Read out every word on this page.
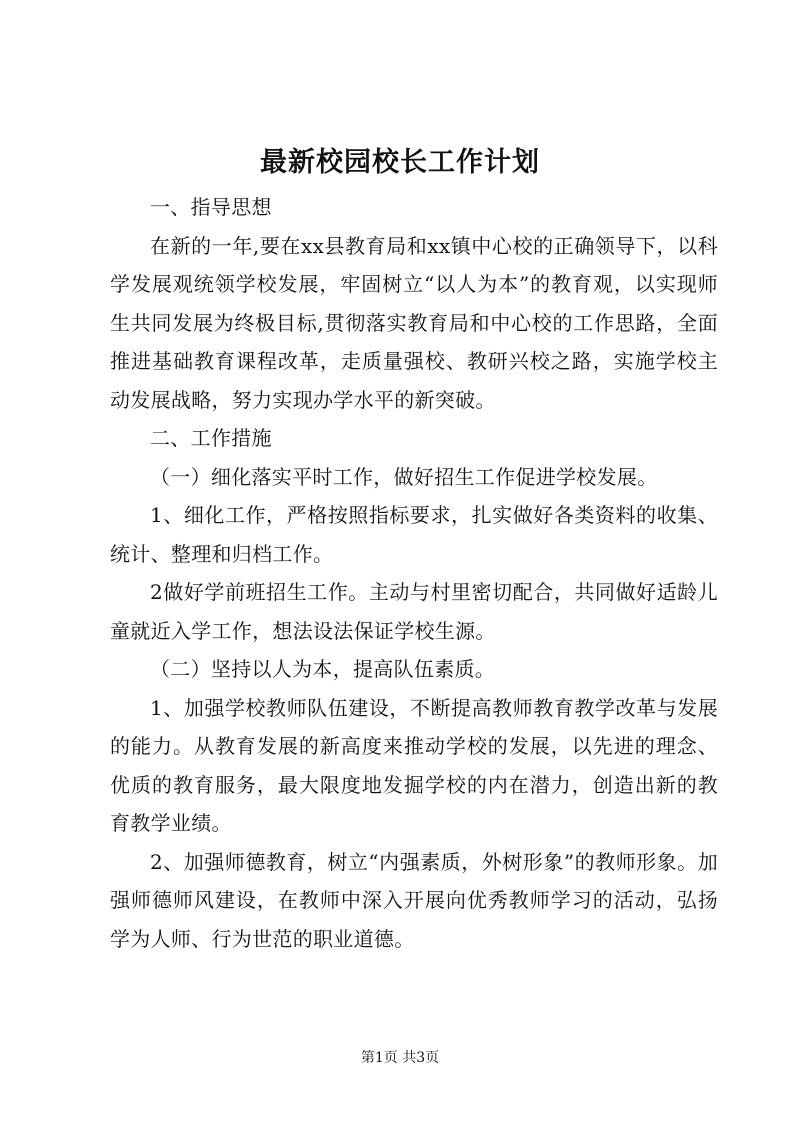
最新校园校长工作计划

一、指导思想

在新的一年,要在xx县教育局和xx镇中心校的正确领导下，以科学发展观统领学校发展，牢固树立“以人为本”的教育观，以实现师生共同发展为终极目标,贯彻落实教育局和中心校的工作思路，全面推进基础教育课程改革，走质量强校、教研兴校之路，实施学校主动发展战略，努力实现办学水平的新突破。

二、工作措施

（一）细化落实平时工作，做好招生工作促进学校发展。

1、细化工作，严格按照指标要求，扎实做好各类资料的收集、统计、整理和归档工作。

2做好学前班招生工作。主动与村里密切配合，共同做好适龄儿童就近入学工作，想法设法保证学校生源。

（二）坚持以人为本，提高队伍素质。

1、加强学校教师队伍建设，不断提高教师教育教学改革与发展的能力。从教育发展的新高度来推动学校的发展，以先进的理念、优质的教育服务，最大限度地发掘学校的内在潜力，创造出新的教育教学业绩。

2、加强师德教育，树立“内强素质，外树形象”的教师形象。加强师德师风建设，在教师中深入开展向优秀教师学习的活动，弘扬学为人师、行为世范的职业道德。

第1页 共3页
